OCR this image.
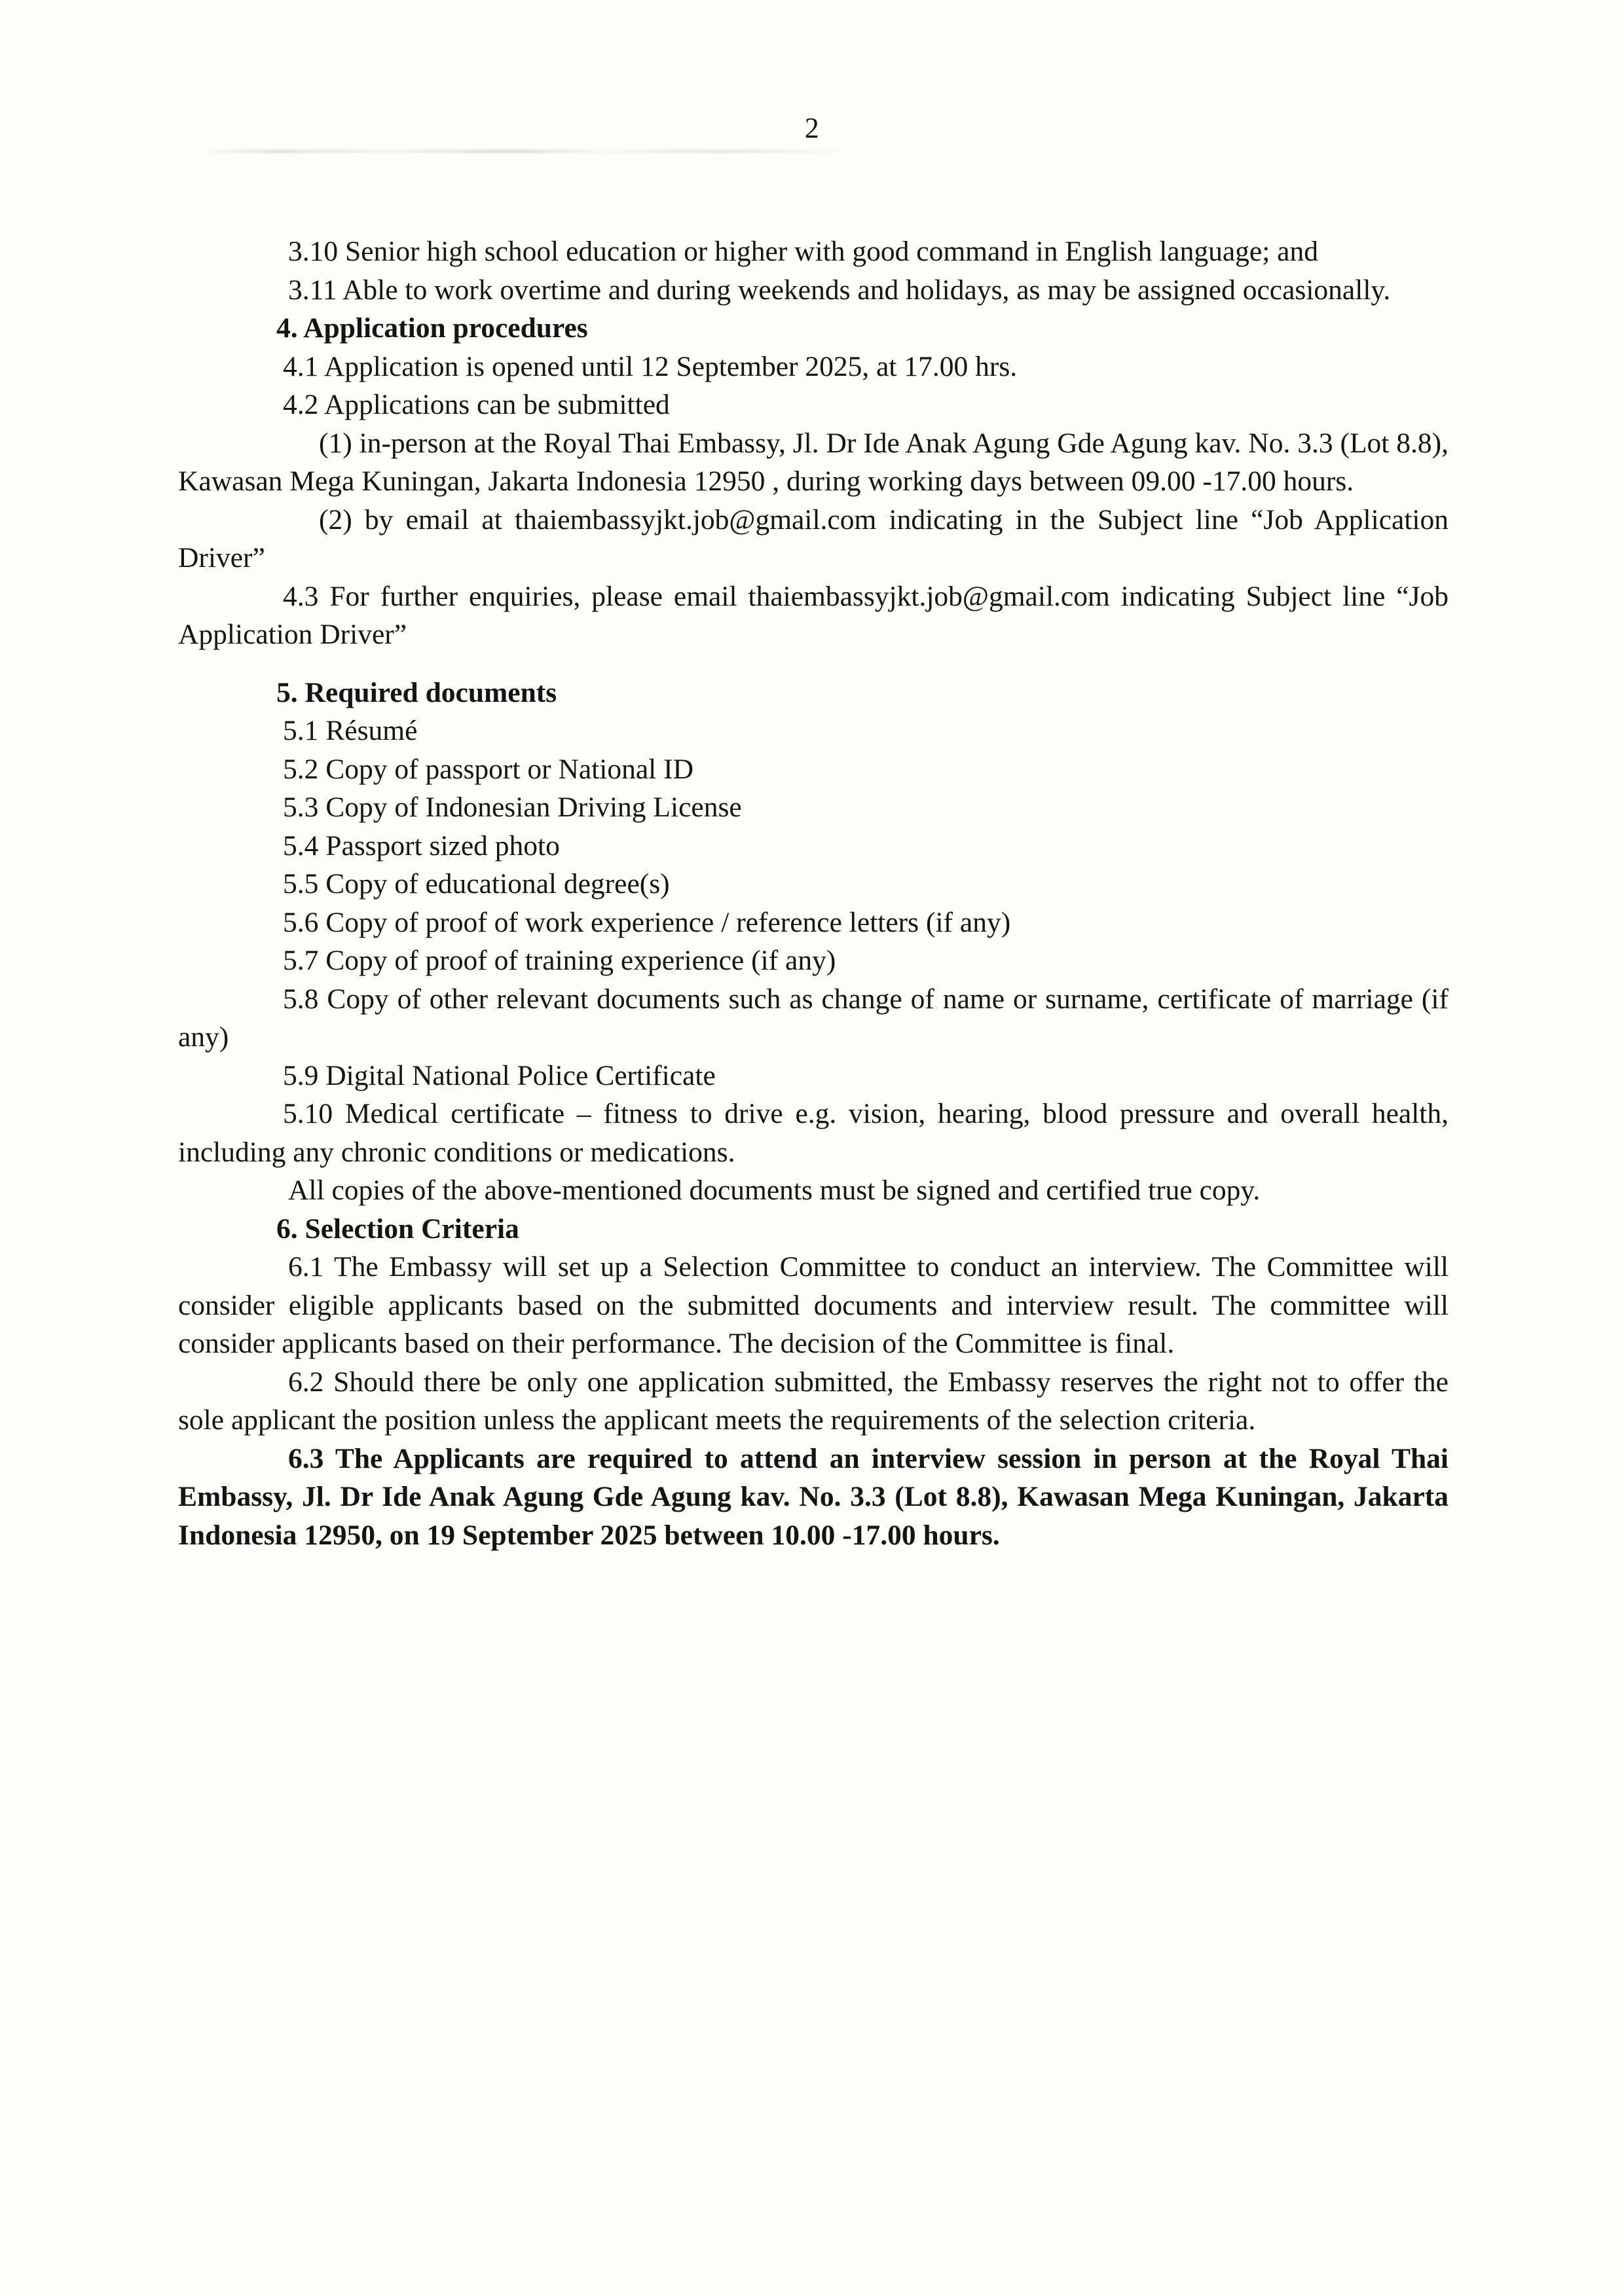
2

3.10 Senior high school education or higher with good command in English language; and

3.11 Able to work overtime and during weekends and holidays, as may be assigned occasionally.

4. Application procedures

4.1 Application is opened until 12 September 2025, at 17.00 hrs.

4.2 Applications can be submitted

(1) in-person at the Royal Thai Embassy, Jl. Dr Ide Anak Agung Gde Agung kav. No. 3.3 (Lot 8.8), Kawasan Mega Kuningan, Jakarta Indonesia 12950 , during working days between 09.00 -17.00 hours.

(2) by email at thaiembassyjkt.job@gmail.com indicating in the Subject line “Job Application Driver”

4.3 For further enquiries, please email thaiembassyjkt.job@gmail.com indicating Subject line “Job Application Driver”

5. Required documents

5.1 Résumé

5.2 Copy of passport or National ID

5.3 Copy of Indonesian Driving License

5.4 Passport sized photo

5.5 Copy of educational degree(s)

5.6 Copy of proof of work experience / reference letters (if any)

5.7 Copy of proof of training experience (if any)

5.8 Copy of other relevant documents such as change of name or surname, certificate of marriage (if any)

5.9 Digital National Police Certificate

5.10 Medical certificate – fitness to drive e.g. vision, hearing, blood pressure and overall health, including any chronic conditions or medications.

All copies of the above-mentioned documents must be signed and certified true copy.

6. Selection Criteria

6.1 The Embassy will set up a Selection Committee to conduct an interview. The Committee will consider eligible applicants based on the submitted documents and interview result. The committee will consider applicants based on their performance. The decision of the Committee is final.

6.2 Should there be only one application submitted, the Embassy reserves the right not to offer the sole applicant the position unless the applicant meets the requirements of the selection criteria.

6.3 The Applicants are required to attend an interview session in person at the Royal Thai Embassy, Jl. Dr Ide Anak Agung Gde Agung kav. No. 3.3 (Lot 8.8), Kawasan Mega Kuningan, Jakarta Indonesia 12950, on 19 September 2025 between 10.00 -17.00 hours.
